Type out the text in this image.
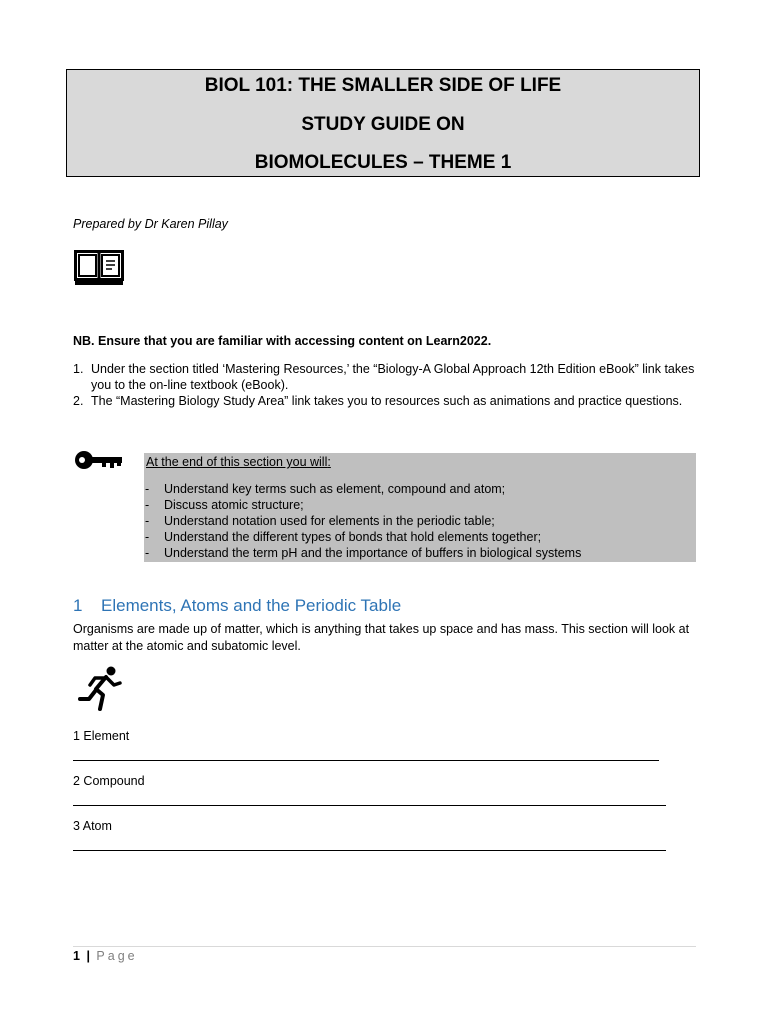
BIOL 101: THE SMALLER SIDE OF LIFE
STUDY GUIDE ON
BIOMOLECULES – THEME 1
Prepared by Dr Karen Pillay
NB. Ensure that you are familiar with accessing content on Learn2022.
1. Under the section titled ‘Mastering Resources,’ the “Biology-A Global Approach 12th Edition eBook” link takes you to the on-line textbook (eBook).
2. The “Mastering Biology Study Area” link takes you to resources such as animations and practice questions.
At the end of this section you will:
- Understand key terms such as element, compound and atom;
- Discuss atomic structure;
- Understand notation used for elements in the periodic table;
- Understand the different types of bonds that hold elements together;
- Understand the term pH and the importance of buffers in biological systems
1 Elements, Atoms and the Periodic Table
Organisms are made up of matter, which is anything that takes up space and has mass. This section will look at matter at the atomic and subatomic level.
1 Element
2 Compound
3 Atom
1 | Page
